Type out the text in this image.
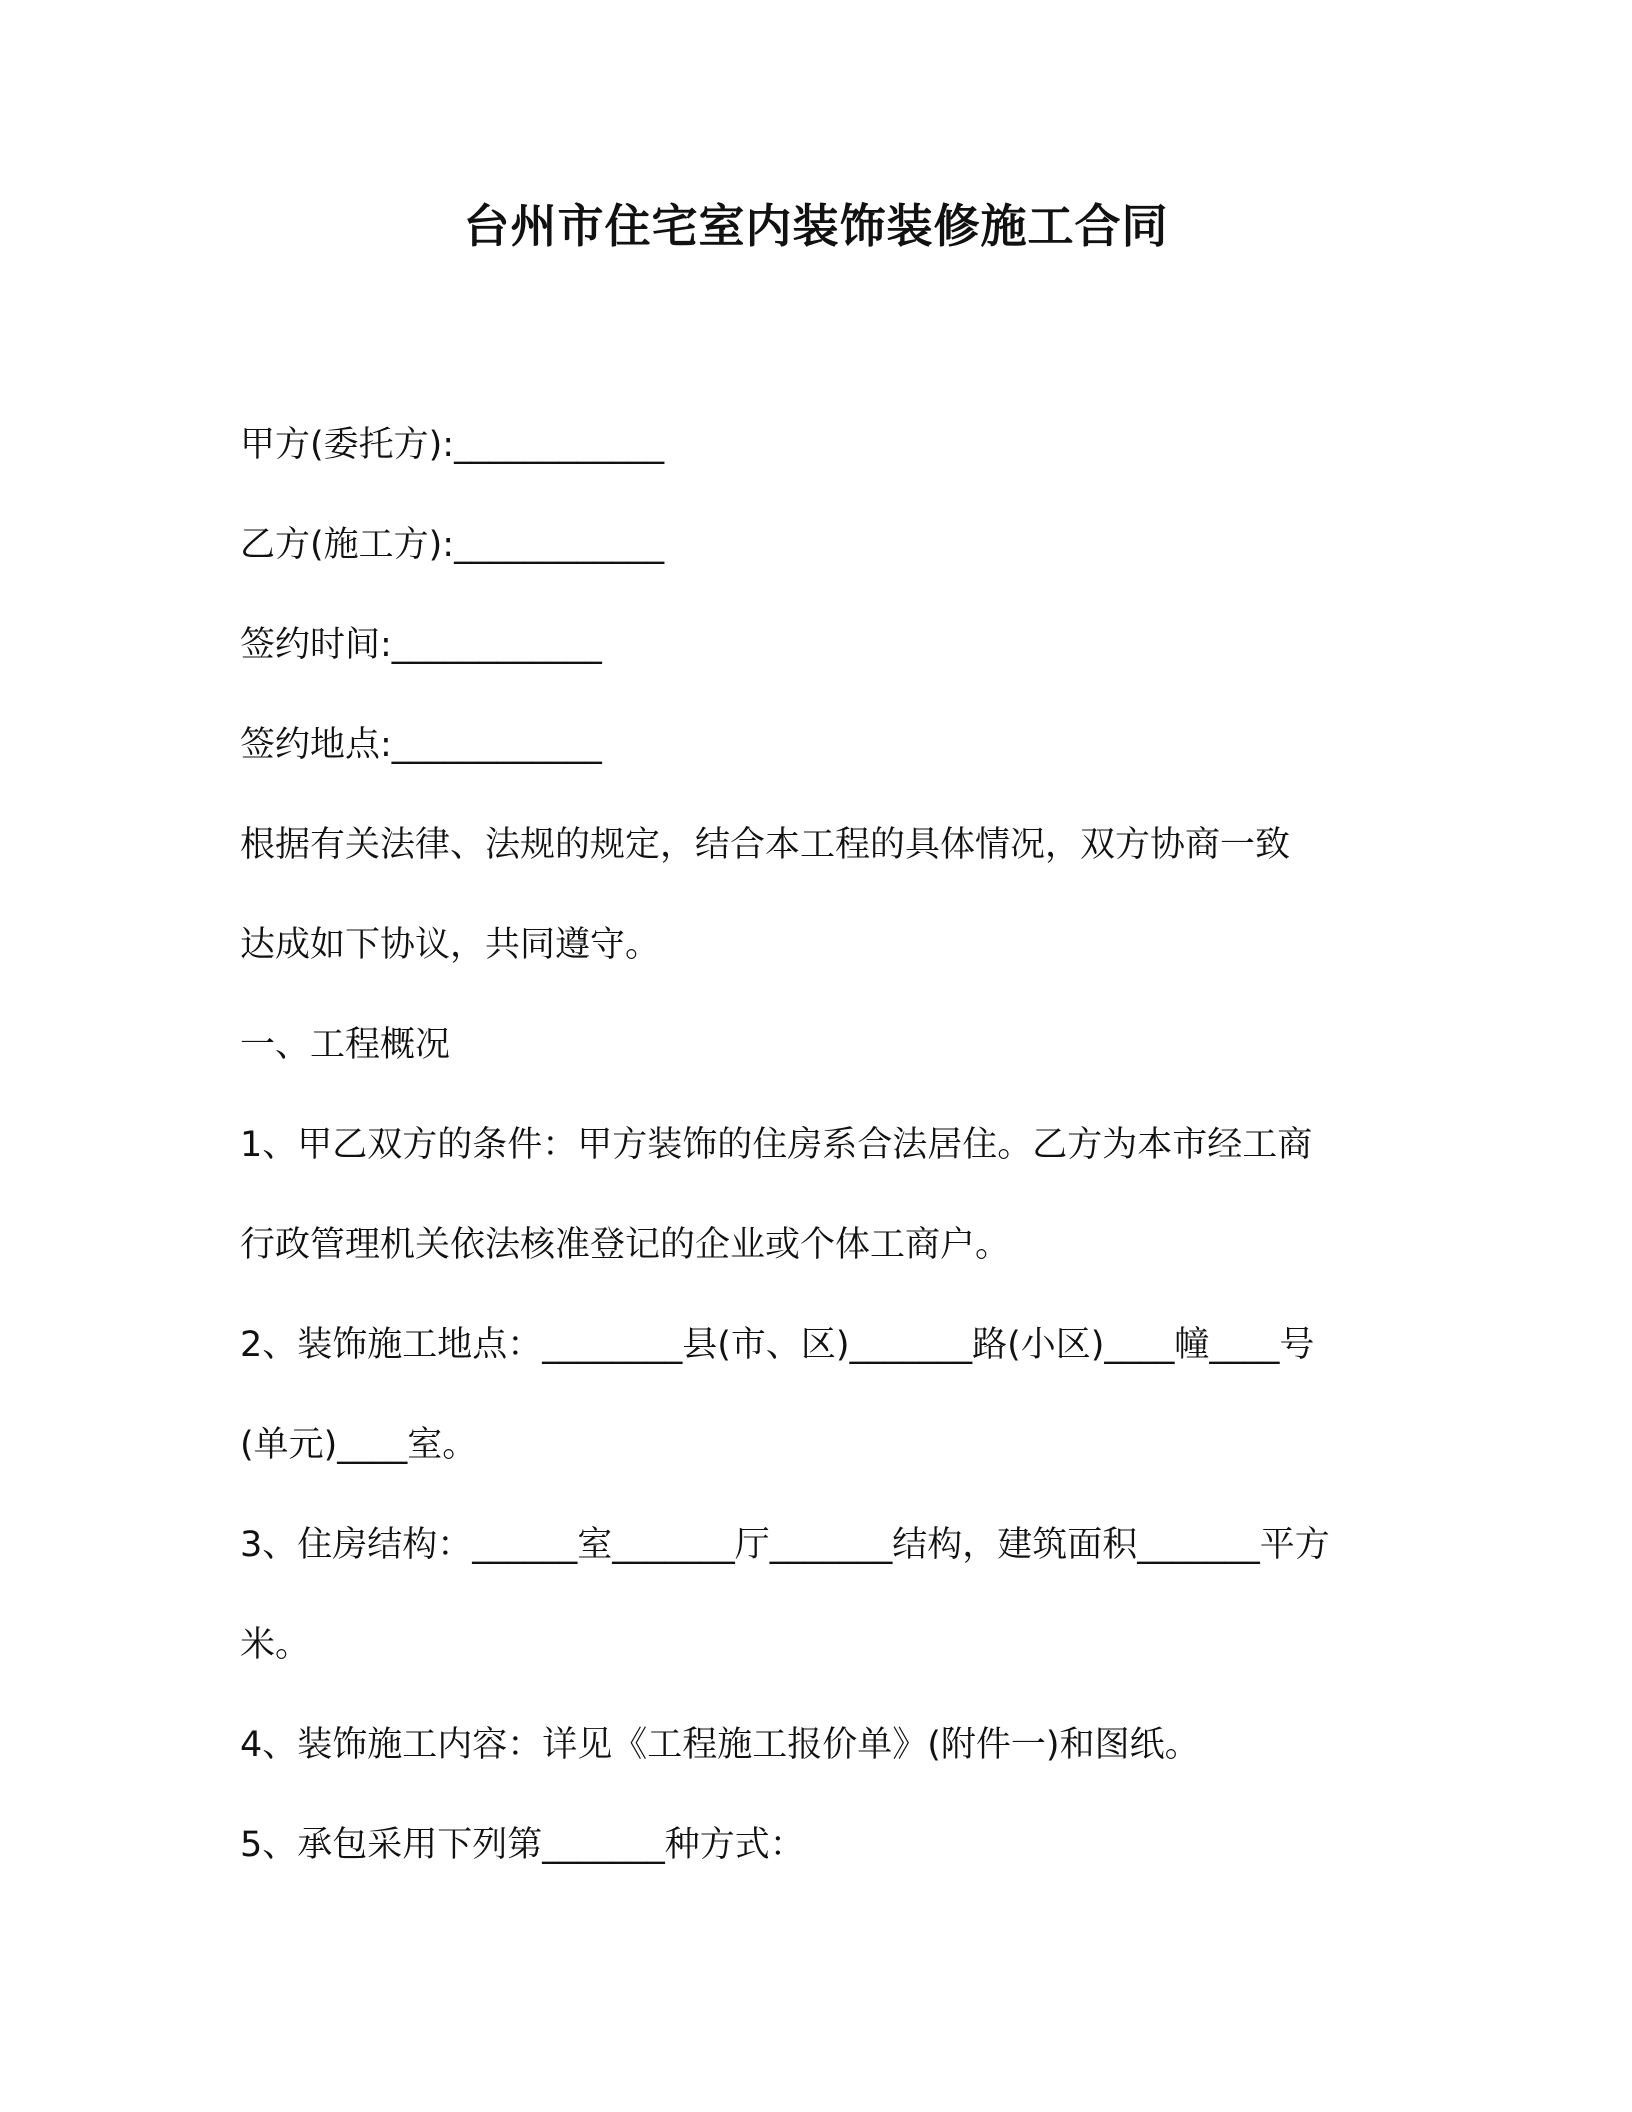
台州市住宅室内装饰装修施工合同
甲方(委托方):____________
乙方(施工方):____________
签约时间:____________
签约地点:____________
根据有关法律、法规的规定，结合本工程的具体情况，双方协商一致
达成如下协议，共同遵守。
一、工程概况
1、甲乙双方的条件：甲方装饰的住房系合法居住。乙方为本市经工商
行政管理机关依法核准登记的企业或个体工商户。
2、装饰施工地点：________县(市、区)_______路(小区)____幢____号
(单元)____室。
3、住房结构：______室_______厅_______结构，建筑面积_______平方
米。
4、装饰施工内容：详见《工程施工报价单》(附件一)和图纸。
5、承包采用下列第_______种方式：
